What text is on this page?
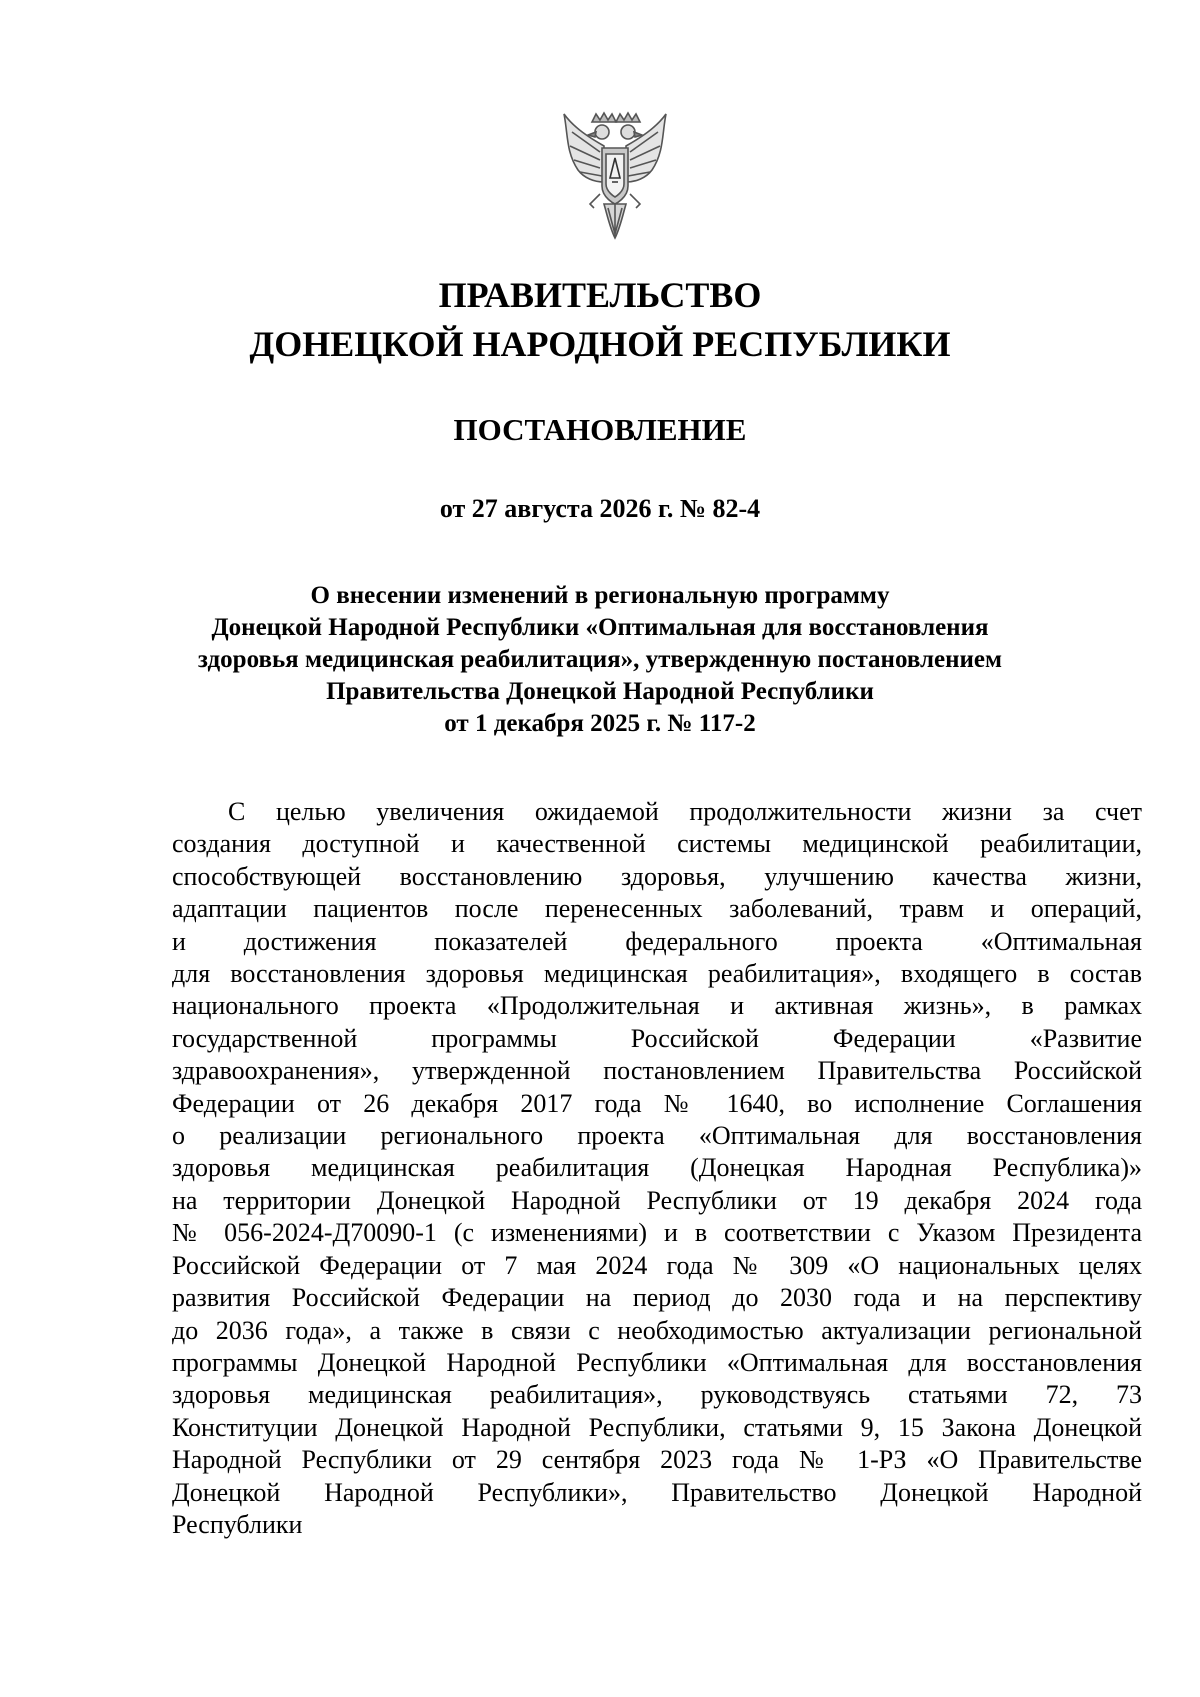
ПРАВИТЕЛЬСТВО
ДОНЕЦКОЙ НАРОДНОЙ РЕСПУБЛИКИ
ПОСТАНОВЛЕНИЕ
от 27 августа 2026 г. № 82-4
О внесении изменений в региональную программу
Донецкой Народной Республики «Оптимальная для восстановления
здоровья медицинская реабилитация», утвержденную постановлением
Правительства Донецкой Народной Республики
от 1 декабря 2025 г. № 117-2
С целью увеличения ожидаемой продолжительности жизни за счет
создания доступной и качественной системы медицинской реабилитации,
способствующей восстановлению здоровья, улучшению качества жизни,
адаптации пациентов после перенесенных заболеваний, травм и операций,
и достижения показателей федерального проекта «Оптимальная
для восстановления здоровья медицинская реабилитация», входящего в состав
национального проекта «Продолжительная и активная жизнь», в рамках
государственной программы Российской Федерации «Развитие
здравоохранения», утвержденной постановлением Правительства Российской
Федерации от 26 декабря 2017 года № 1640, во исполнение Соглашения
о реализации регионального проекта «Оптимальная для восстановления
здоровья медицинская реабилитация (Донецкая Народная Республика)»
на территории Донецкой Народной Республики от 19 декабря 2024 года
№ 056-2024-Д70090-1 (с изменениями) и в соответствии с Указом Президента
Российской Федерации от 7 мая 2024 года № 309 «О национальных целях
развития Российской Федерации на период до 2030 года и на перспективу
до 2036 года», а также в связи с необходимостью актуализации региональной
программы Донецкой Народной Республики «Оптимальная для восстановления
здоровья медицинская реабилитация», руководствуясь статьями 72, 73
Конституции Донецкой Народной Республики, статьями 9, 15 Закона Донецкой
Народной Республики от 29 сентября 2023 года № 1-РЗ «О Правительстве
Донецкой Народной Республики», Правительство Донецкой Народной
Республики
